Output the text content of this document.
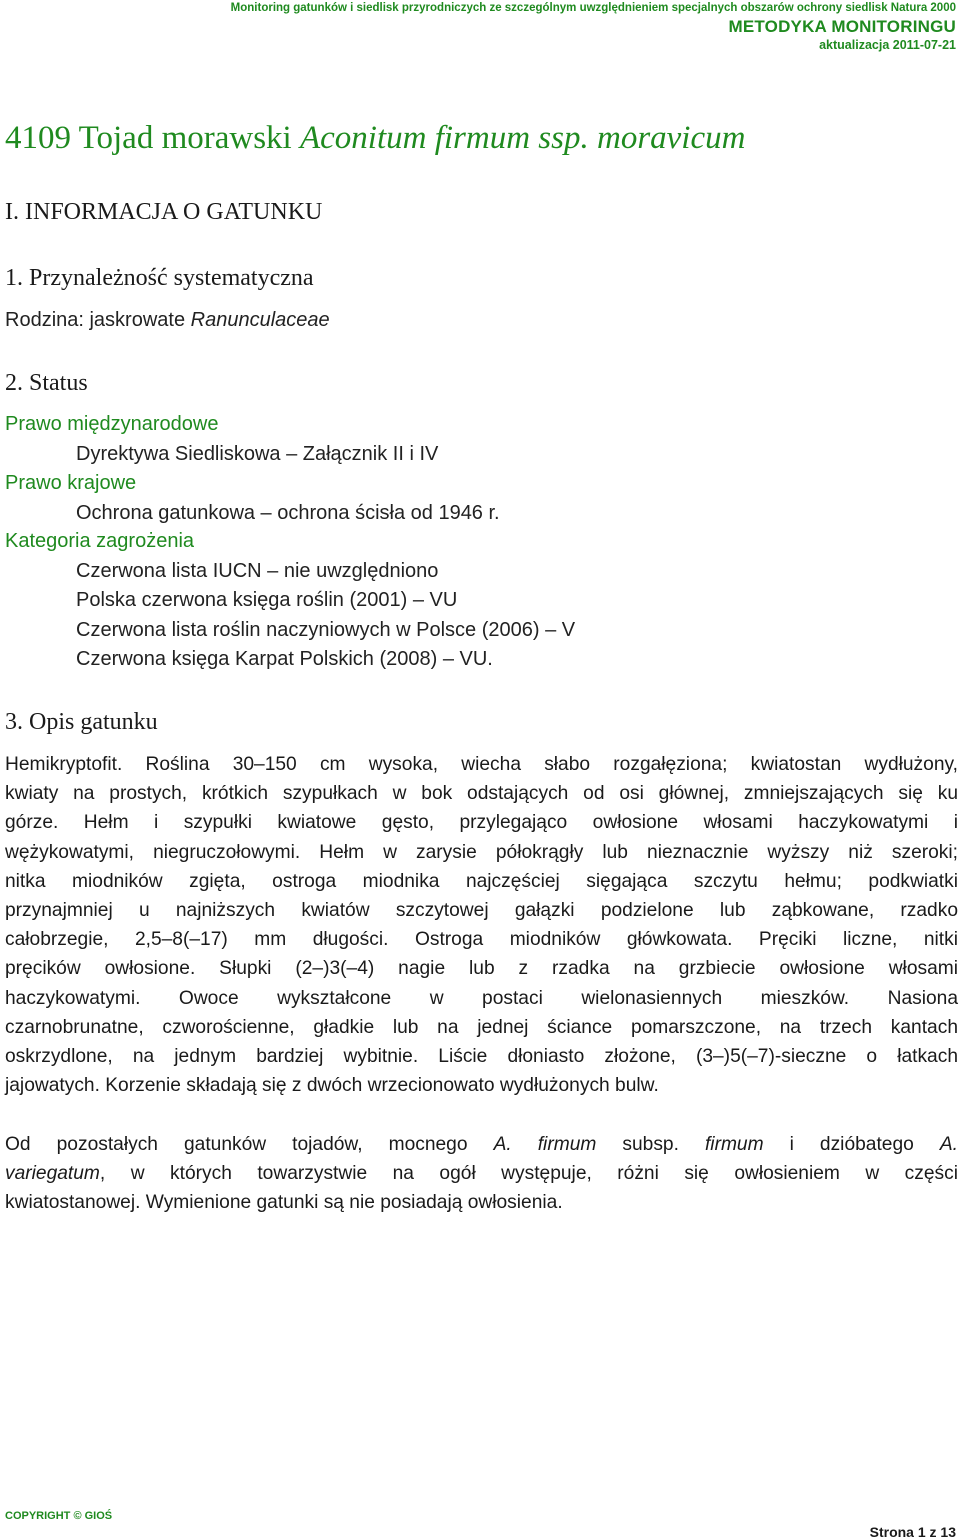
Monitoring gatunków i siedlisk przyrodniczych ze szczególnym uwzględnieniem specjalnych obszarów ochrony siedlisk Natura 2000
METODYKA MONITORINGU
aktualizacja 2011-07-21
4109 Tojad morawski Aconitum firmum ssp. moravicum
I. INFORMACJA O GATUNKU
1. Przynależność systematyczna
Rodzina: jaskrowate Ranunculaceae
2. Status
Prawo międzynarodowe
Dyrektywa Siedliskowa – Załącznik II i IV
Prawo krajowe
Ochrona gatunkowa – ochrona ścisła od 1946 r.
Kategoria zagrożenia
Czerwona lista IUCN – nie uwzględniono
Polska czerwona księga roślin (2001) – VU
Czerwona lista roślin naczyniowych w Polsce (2006) – V
Czerwona księga Karpat Polskich (2008) – VU.
3. Opis gatunku
Hemikryptofit. Roślina 30–150 cm wysoka, wiecha słabo rozgałęziona; kwiatostan wydłużony,
kwiaty na prostych, krótkich szypułkach w bok odstających od osi głównej, zmniejszających się ku
górze. Hełm i szypułki kwiatowe gęsto, przylegająco owłosione włosami haczykowatymi i
wężykowatymi, niegruczołowymi. Hełm w zarysie półokrągły lub nieznacznie wyższy niż szeroki;
nitka miodników zgięta, ostroga miodnika najczęściej sięgająca szczytu hełmu; podkwiatki
przynajmniej u najniższych kwiatów szczytowej gałązki podzielone lub ząbkowane, rzadko
całobrzegie, 2,5–8(–17) mm długości. Ostroga miodników główkowata. Pręciki liczne, nitki
pręcików owłosione. Słupki (2–)3(–4) nagie lub z rzadka na grzbiecie owłosione włosami
haczykowatymi. Owoce wykształcone w postaci wielonasiennych mieszków. Nasiona
czarnobrunatne, czworościenne, gładkie lub na jednej ściance pomarszczone, na trzech kantach
oskrzydlone, na jednym bardziej wybitnie. Liście dłoniasto złożone, (3–)5(–7)-sieczne o łatkach
jajowatych. Korzenie składają się z dwóch wrzecionowato wydłużonych bulw.
Od pozostałych gatunków tojadów, mocnego A. firmum subsp. firmum i dzióbatego A.
variegatum, w których towarzystwie na ogół występuje, różni się owłosieniem w części
kwiatostanowej. Wymienione gatunki są nie posiadają owłosienia.
COPYRIGHT © GIOŚ
Strona 1 z 13
